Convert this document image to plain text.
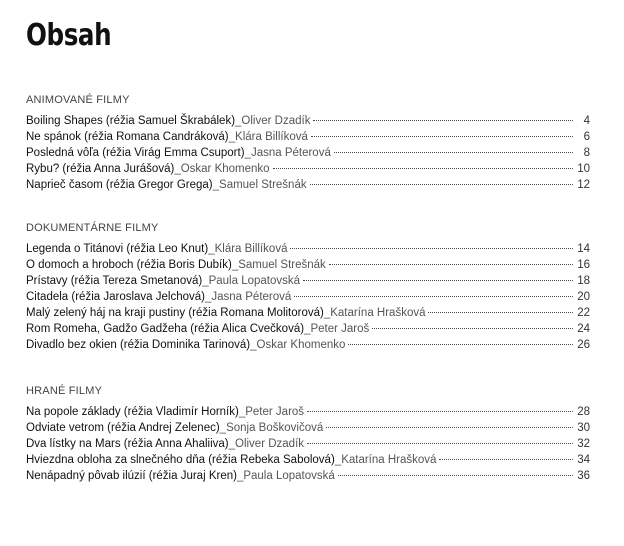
Obsah
ANIMOVANÉ FILMY
Boiling Shapes (réžia Samuel Škrabálek) _Oliver Dzadík	4
Ne spánok (réžia Romana Candráková) _Klára Billíková	6
Posledná vôľa (réžia Virág Emma Csuport) _Jasna Péterová	8
Rybu? (réžia Anna Jurášová) _Oskar Khomenko	10
Naprieč časom (réžia Gregor Grega) _Samuel Strešnák	12
DOKUMENTÁRNE FILMY
Legenda o Titánovi (réžia Leo Knut) _Klára Billíková	14
O domoch a hroboch (réžia Boris Dubík) _Samuel Strešnák	16
Prístavy (réžia Tereza Smetanová) _Paula Lopatovská	18
Citadela (réžia Jaroslava Jelchová) _Jasna Péterová	20
Malý zelený háj na kraji pustiny (réžia Romana Molitorová) _Katarína Hrašková	22
Rom Romeha, Gadžo Gadžeha (réžia Alica Cvečková) _Peter Jaroš	24
Divadlo bez okien (réžia Dominika Tarinová) _Oskar Khomenko	26
HRANÉ FILMY
Na popole základy (réžia Vladimír Horník) _Peter Jaroš	28
Odviate vetrom (réžia Andrej Zelenec) _Sonja Boškovičová	30
Dva lístky na Mars (réžia Anna Ahaliiva) _Oliver Dzadík	32
Hviezdna obloha za slnečného dňa (réžia Rebeka Sabolová) _Katarína Hrašková	34
Nenápadný pôvab ilúzií (réžia Juraj Kren) _Paula Lopatovská	36
